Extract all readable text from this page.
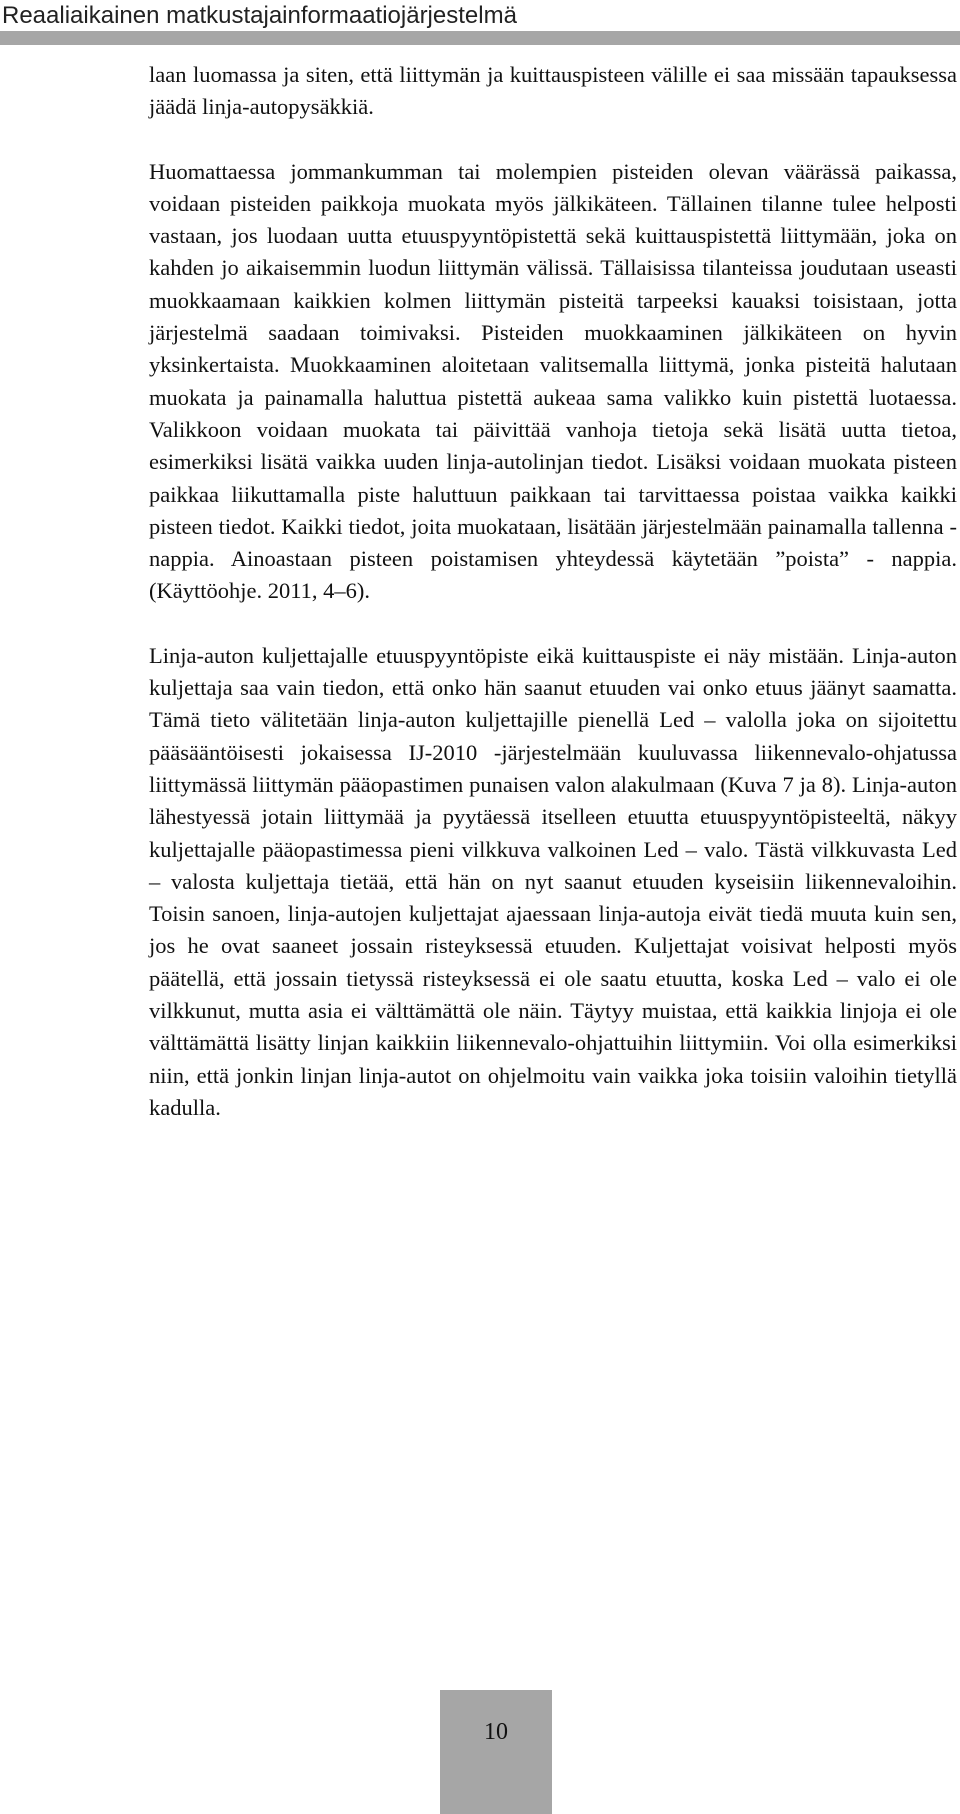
Reaaliaikainen matkustajainformaatiojärjestelmä

laan luomassa ja siten, että liittymän ja kuittauspisteen välille ei saa missään tapauksessa jäädä linja-autopysäkkiä.

Huomattaessa jommankumman tai molempien pisteiden olevan väärässä paikassa, voidaan pisteiden paikkoja muokata myös jälkikäteen. Tällainen tilanne tulee helposti vastaan, jos luodaan uutta etuuspyyntöpistettä sekä kuittauspistettä liittymään, joka on kahden jo aikaisemmin luodun liittymän välissä. Tällaisissa tilanteissa joudutaan useasti muokkaamaan kaikkien kolmen liittymän pisteitä tarpeeksi kauaksi toisistaan, jotta järjestelmä saadaan toimivaksi. Pisteiden muokkaaminen jälkikäteen on hyvin yksinkertaista. Muokkaaminen aloitetaan valitsemalla liittymä, jonka pisteitä halutaan muokata ja painamalla haluttua pistettä aukeaa sama valikko kuin pistettä luotaessa. Valikkoon voidaan muokata tai päivittää vanhoja tietoja sekä lisätä uutta tietoa, esimerkiksi lisätä vaikka uuden linja-autolinjan tiedot. Lisäksi voidaan muokata pisteen paikkaa liikuttamalla piste haluttuun paikkaan tai tarvittaessa poistaa vaikka kaikki pisteen tiedot. Kaikki tiedot, joita muokataan, lisätään järjestelmään painamalla tallenna - nappia. Ainoastaan pisteen poistamisen yhteydessä käytetään ”poista” - nappia. (Käyttöohje. 2011, 4–6).

Linja-auton kuljettajalle etuuspyyntöpiste eikä kuittauspiste ei näy mistään. Linja-auton kuljettaja saa vain tiedon, että onko hän saanut etuuden vai onko etuus jäänyt saamatta. Tämä tieto välitetään linja-auton kuljettajille pienellä Led – valolla joka on sijoitettu pääsääntöisesti jokaisessa IJ-2010 -järjestelmään kuuluvassa liikennevalo-ohjatussa liittymässä liittymän pääopastimen punaisen valon alakulmaan (Kuva 7 ja 8). Linja-auton lähestyessä jotain liittymää ja pyytäessä itselleen etuutta etuuspyyntöpisteeltä, näkyy kuljettajalle pääopastimessa pieni vilkkuva valkoinen Led – valo. Tästä vilkkuvasta Led – valosta kuljettaja tietää, että hän on nyt saanut etuuden kyseisiin liikennevaloihin. Toisin sanoen, linja-autojen kuljettajat ajaessaan linja-autoja eivät tiedä muuta kuin sen, jos he ovat saaneet jossain risteyksessä etuuden. Kuljettajat voisivat helposti myös päätellä, että jossain tietyssä risteyksessä ei ole saatu etuutta, koska Led – valo ei ole vilkkunut, mutta asia ei välttämättä ole näin. Täytyy muistaa, että kaikkia linjoja ei ole välttämättä lisätty linjan kaikkiin liikennevalo-ohjattuihin liittymiin. Voi olla esimerkiksi niin, että jonkin linjan linja-autot on ohjelmoitu vain vaikka joka toisiin valoihin tietyllä kadulla.

10
